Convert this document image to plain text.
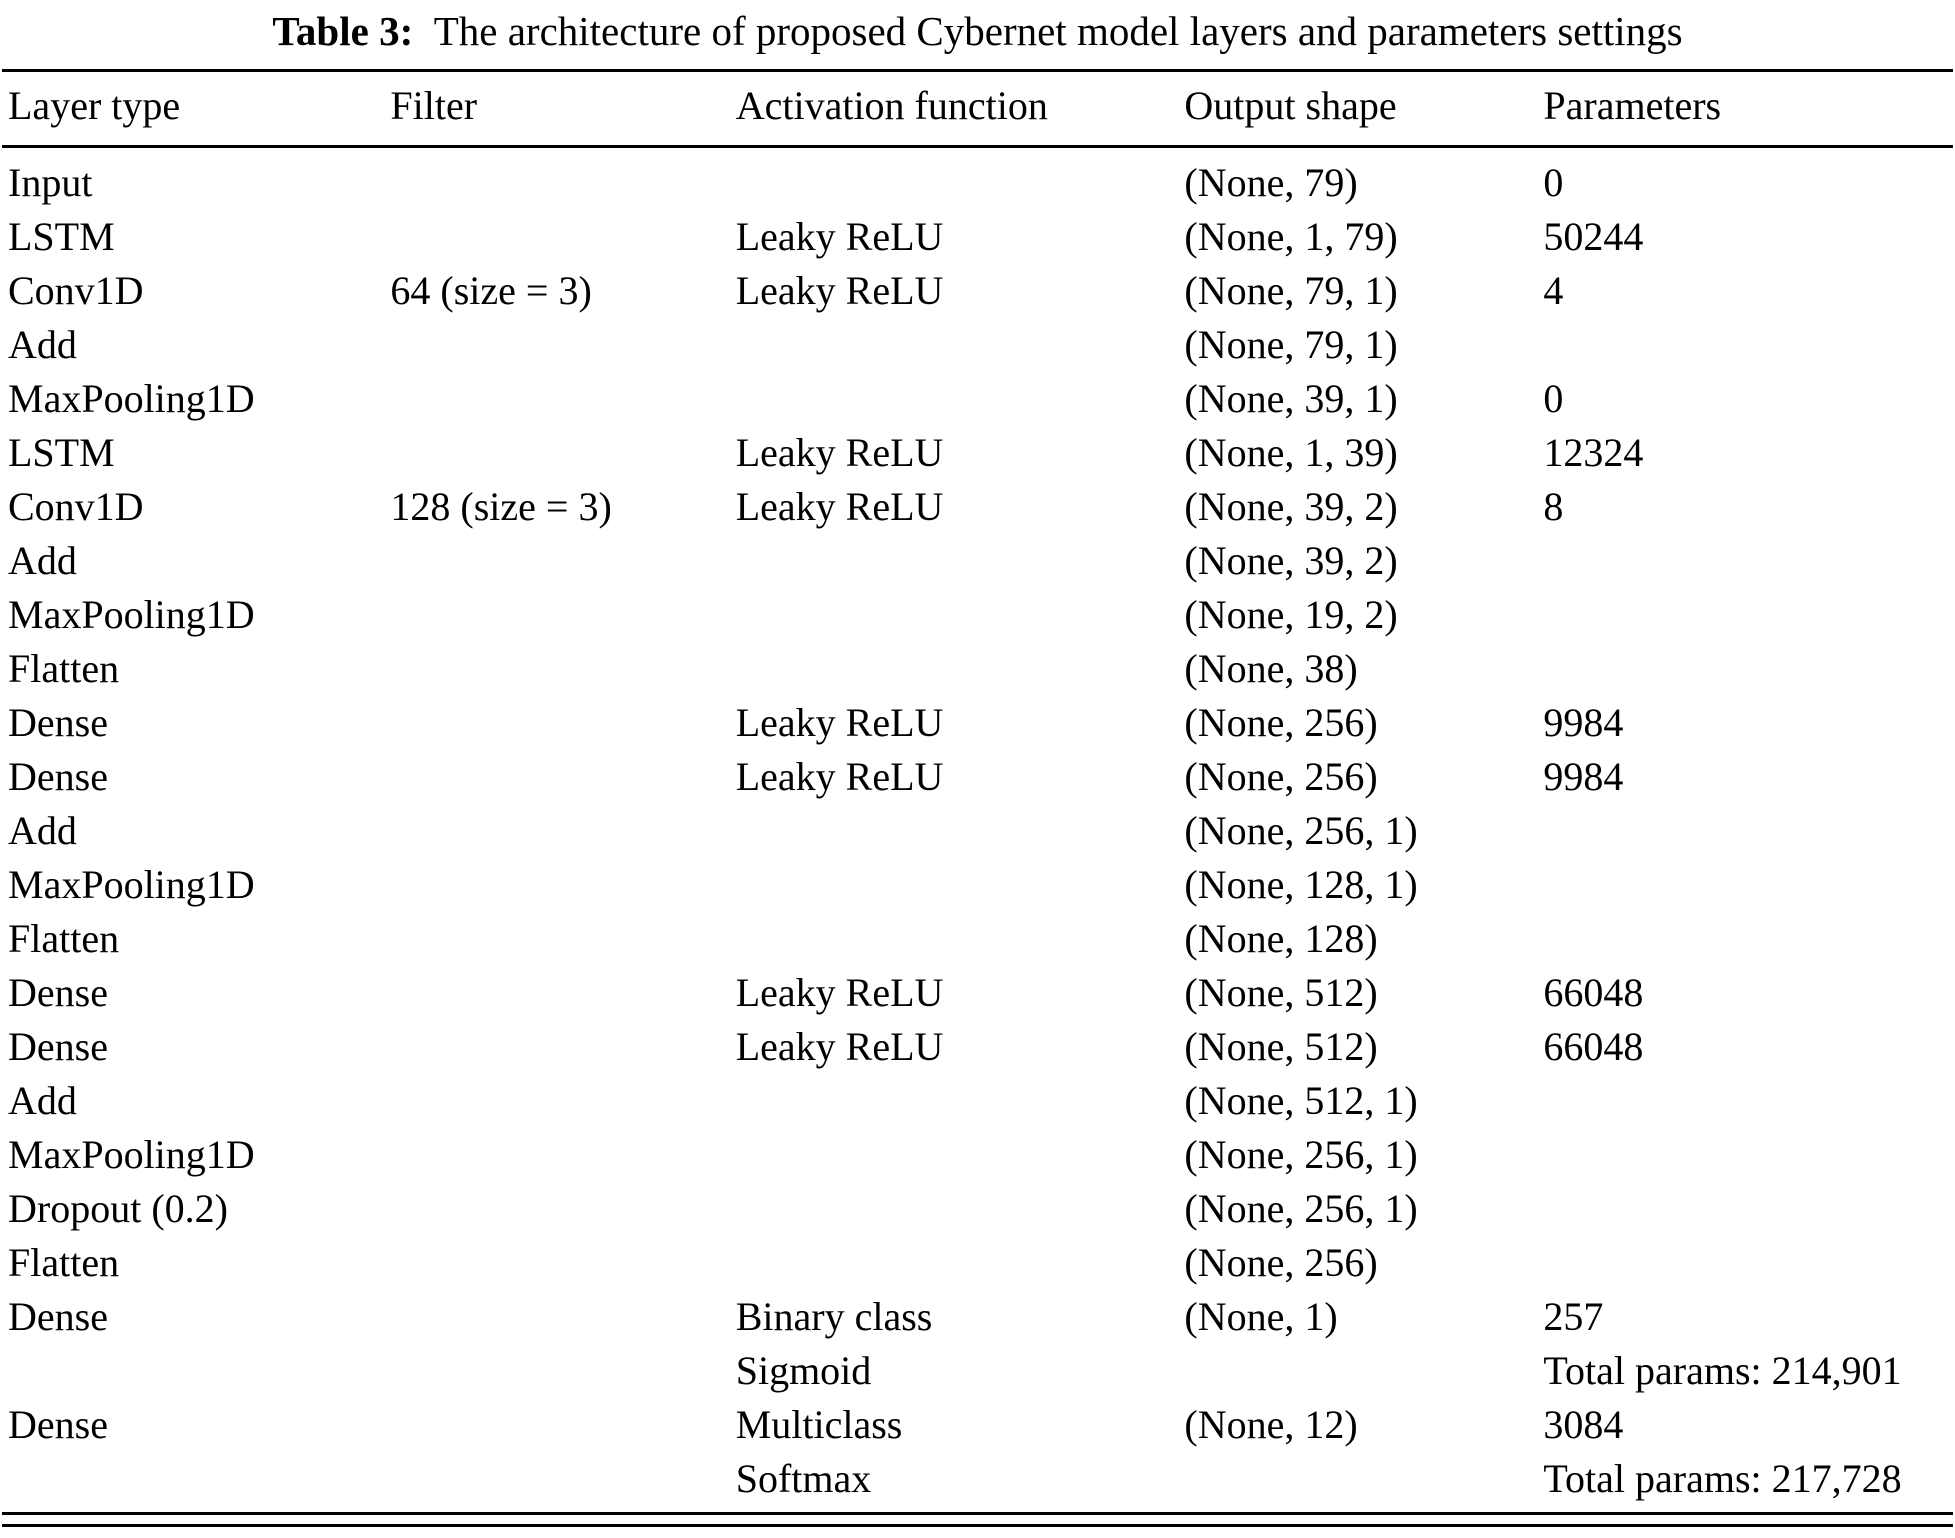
Table 3: The architecture of proposed Cybernet model layers and parameters settings
Layer type	Filter	Activation function	Output shape	Parameters
Input			(None, 79)	0
LSTM		Leaky ReLU	(None, 1, 79)	50244
Conv1D	64 (size = 3)	Leaky ReLU	(None, 79, 1)	4
Add			(None, 79, 1)	
MaxPooling1D			(None, 39, 1)	0
LSTM		Leaky ReLU	(None, 1, 39)	12324
Conv1D	128 (size = 3)	Leaky ReLU	(None, 39, 2)	8
Add			(None, 39, 2)	
MaxPooling1D			(None, 19, 2)	
Flatten			(None, 38)	
Dense		Leaky ReLU	(None, 256)	9984
Dense		Leaky ReLU	(None, 256)	9984
Add			(None, 256, 1)	
MaxPooling1D			(None, 128, 1)	
Flatten			(None, 128)	
Dense		Leaky ReLU	(None, 512)	66048
Dense		Leaky ReLU	(None, 512)	66048
Add			(None, 512, 1)	
MaxPooling1D			(None, 256, 1)	
Dropout (0.2)			(None, 256, 1)	
Flatten			(None, 256)	
Dense		Binary class	(None, 1)	257
		Sigmoid		Total params: 214,901
Dense		Multiclass	(None, 12)	3084
		Softmax		Total params: 217,728
